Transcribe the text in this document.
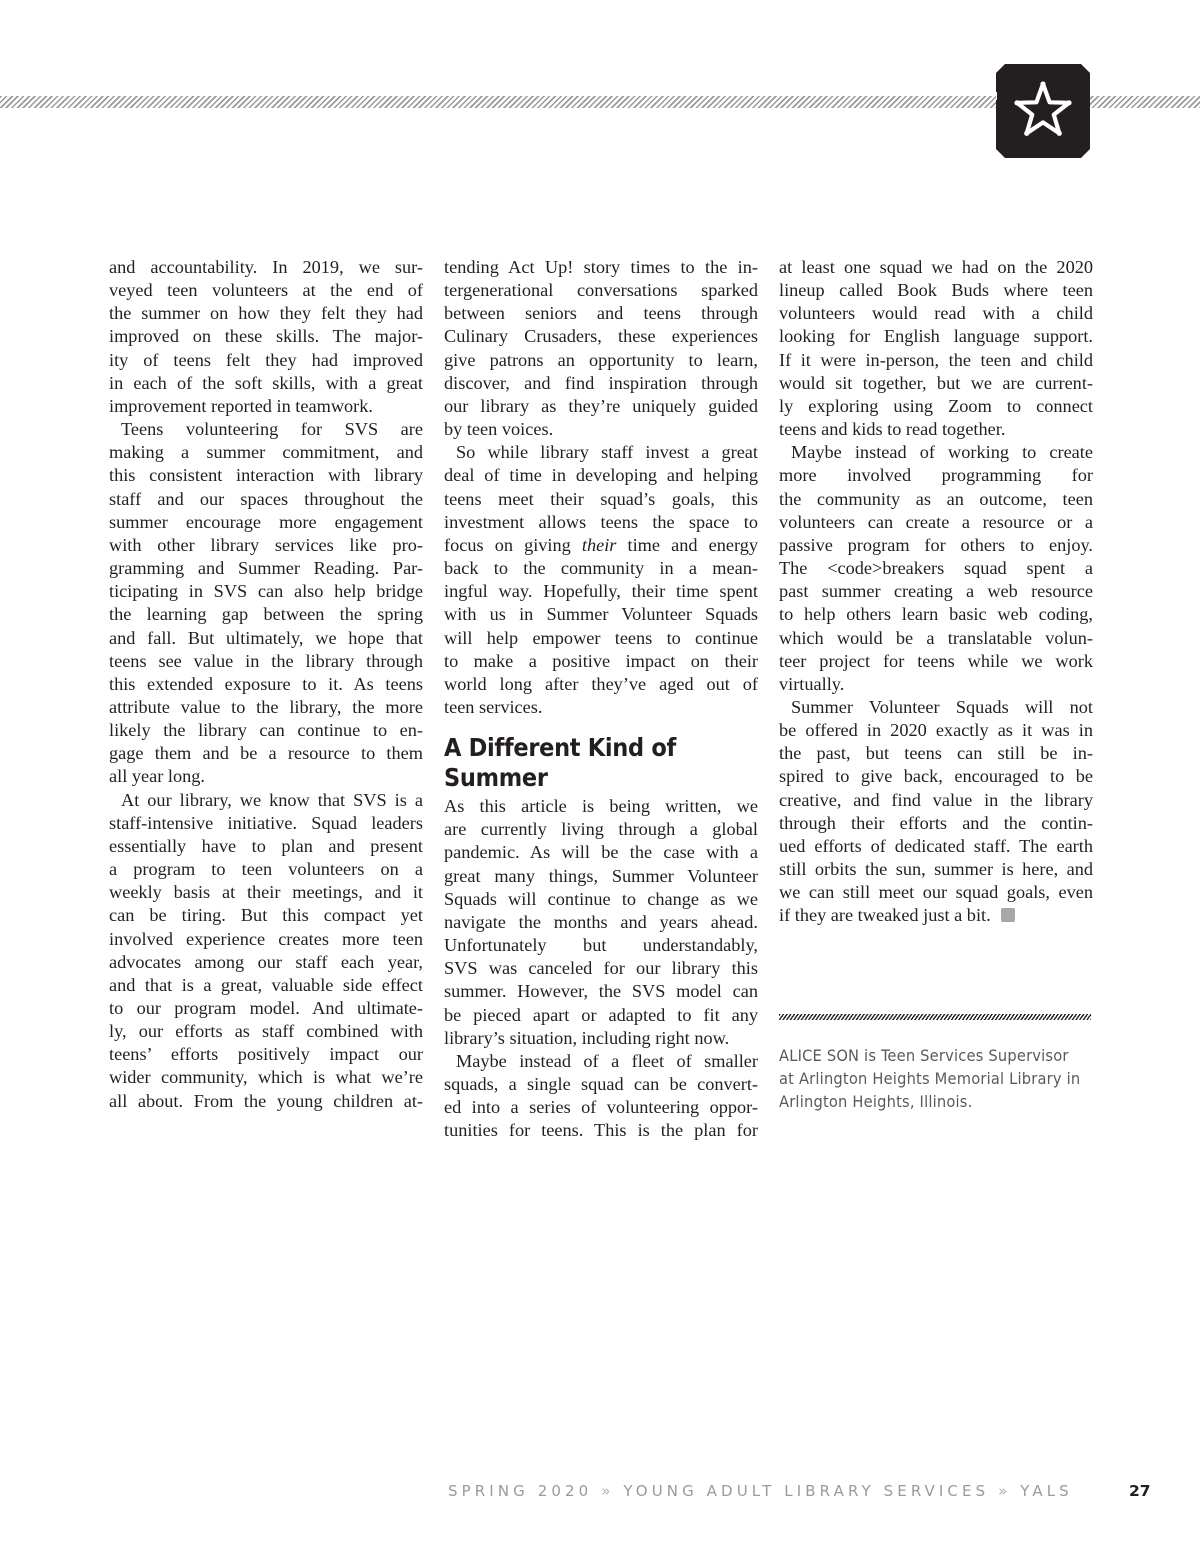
and accountability. In 2019, we sur-
veyed teen volunteers at the end of
the summer on how they felt they had
improved on these skills. The major-
ity of teens felt they had improved
in each of the soft skills, with a great
improvement reported in teamwork.
Teens volunteering for SVS are
making a summer commitment, and
this consistent interaction with library
staff and our spaces throughout the
summer encourage more engagement
with other library services like pro-
gramming and Summer Reading. Par-
ticipating in SVS can also help bridge
the learning gap between the spring
and fall. But ultimately, we hope that
teens see value in the library through
this extended exposure to it. As teens
attribute value to the library, the more
likely the library can continue to en-
gage them and be a resource to them
all year long.
At our library, we know that SVS is a
staff-intensive initiative. Squad leaders
essentially have to plan and present
a program to teen volunteers on a
weekly basis at their meetings, and it
can be tiring. But this compact yet
involved experience creates more teen
advocates among our staff each year,
and that is a great, valuable side effect
to our program model. And ultimate-
ly, our efforts as staff combined with
teens’ efforts positively impact our
wider community, which is what we’re
all about. From the young children at-
tending Act Up! story times to the in-
tergenerational conversations sparked
between seniors and teens through
Culinary Crusaders, these experiences
give patrons an opportunity to learn,
discover, and find inspiration through
our library as they’re uniquely guided
by teen voices.
So while library staff invest a great
deal of time in developing and helping
teens meet their squad’s goals, this
investment allows teens the space to
focus on giving their time and energy
back to the community in a mean-
ingful way. Hopefully, their time spent
with us in Summer Volunteer Squads
will help empower teens to continue
to make a positive impact on their
world long after they’ve aged out of
teen services.
A Different Kind of Summer
As this article is being written, we
are currently living through a global
pandemic. As will be the case with a
great many things, Summer Volunteer
Squads will continue to change as we
navigate the months and years ahead.
Unfortunately but understandably,
SVS was canceled for our library this
summer. However, the SVS model can
be pieced apart or adapted to fit any
library’s situation, including right now.
Maybe instead of a fleet of smaller
squads, a single squad can be convert-
ed into a series of volunteering oppor-
tunities for teens. This is the plan for
at least one squad we had on the 2020
lineup called Book Buds where teen
volunteers would read with a child
looking for English language support.
If it were in-person, the teen and child
would sit together, but we are current-
ly exploring using Zoom to connect
teens and kids to read together.
Maybe instead of working to create
more involved programming for
the community as an outcome, teen
volunteers can create a resource or a
passive program for others to enjoy.
The <code>breakers squad spent a
past summer creating a web resource
to help others learn basic web coding,
which would be a translatable volun-
teer project for teens while we work
virtually.
Summer Volunteer Squads will not
be offered in 2020 exactly as it was in
the past, but teens can still be in-
spired to give back, encouraged to be
creative, and find value in the library
through their efforts and the contin-
ued efforts of dedicated staff. The earth
still orbits the sun, summer is here, and
we can still meet our squad goals, even
if they are tweaked just a bit.
ALICE SON is Teen Services Supervisor
at Arlington Heights Memorial Library in
Arlington Heights, Illinois.
SPRING 2020 » YOUNG ADULT LIBRARY SERVICES » YALS	27
